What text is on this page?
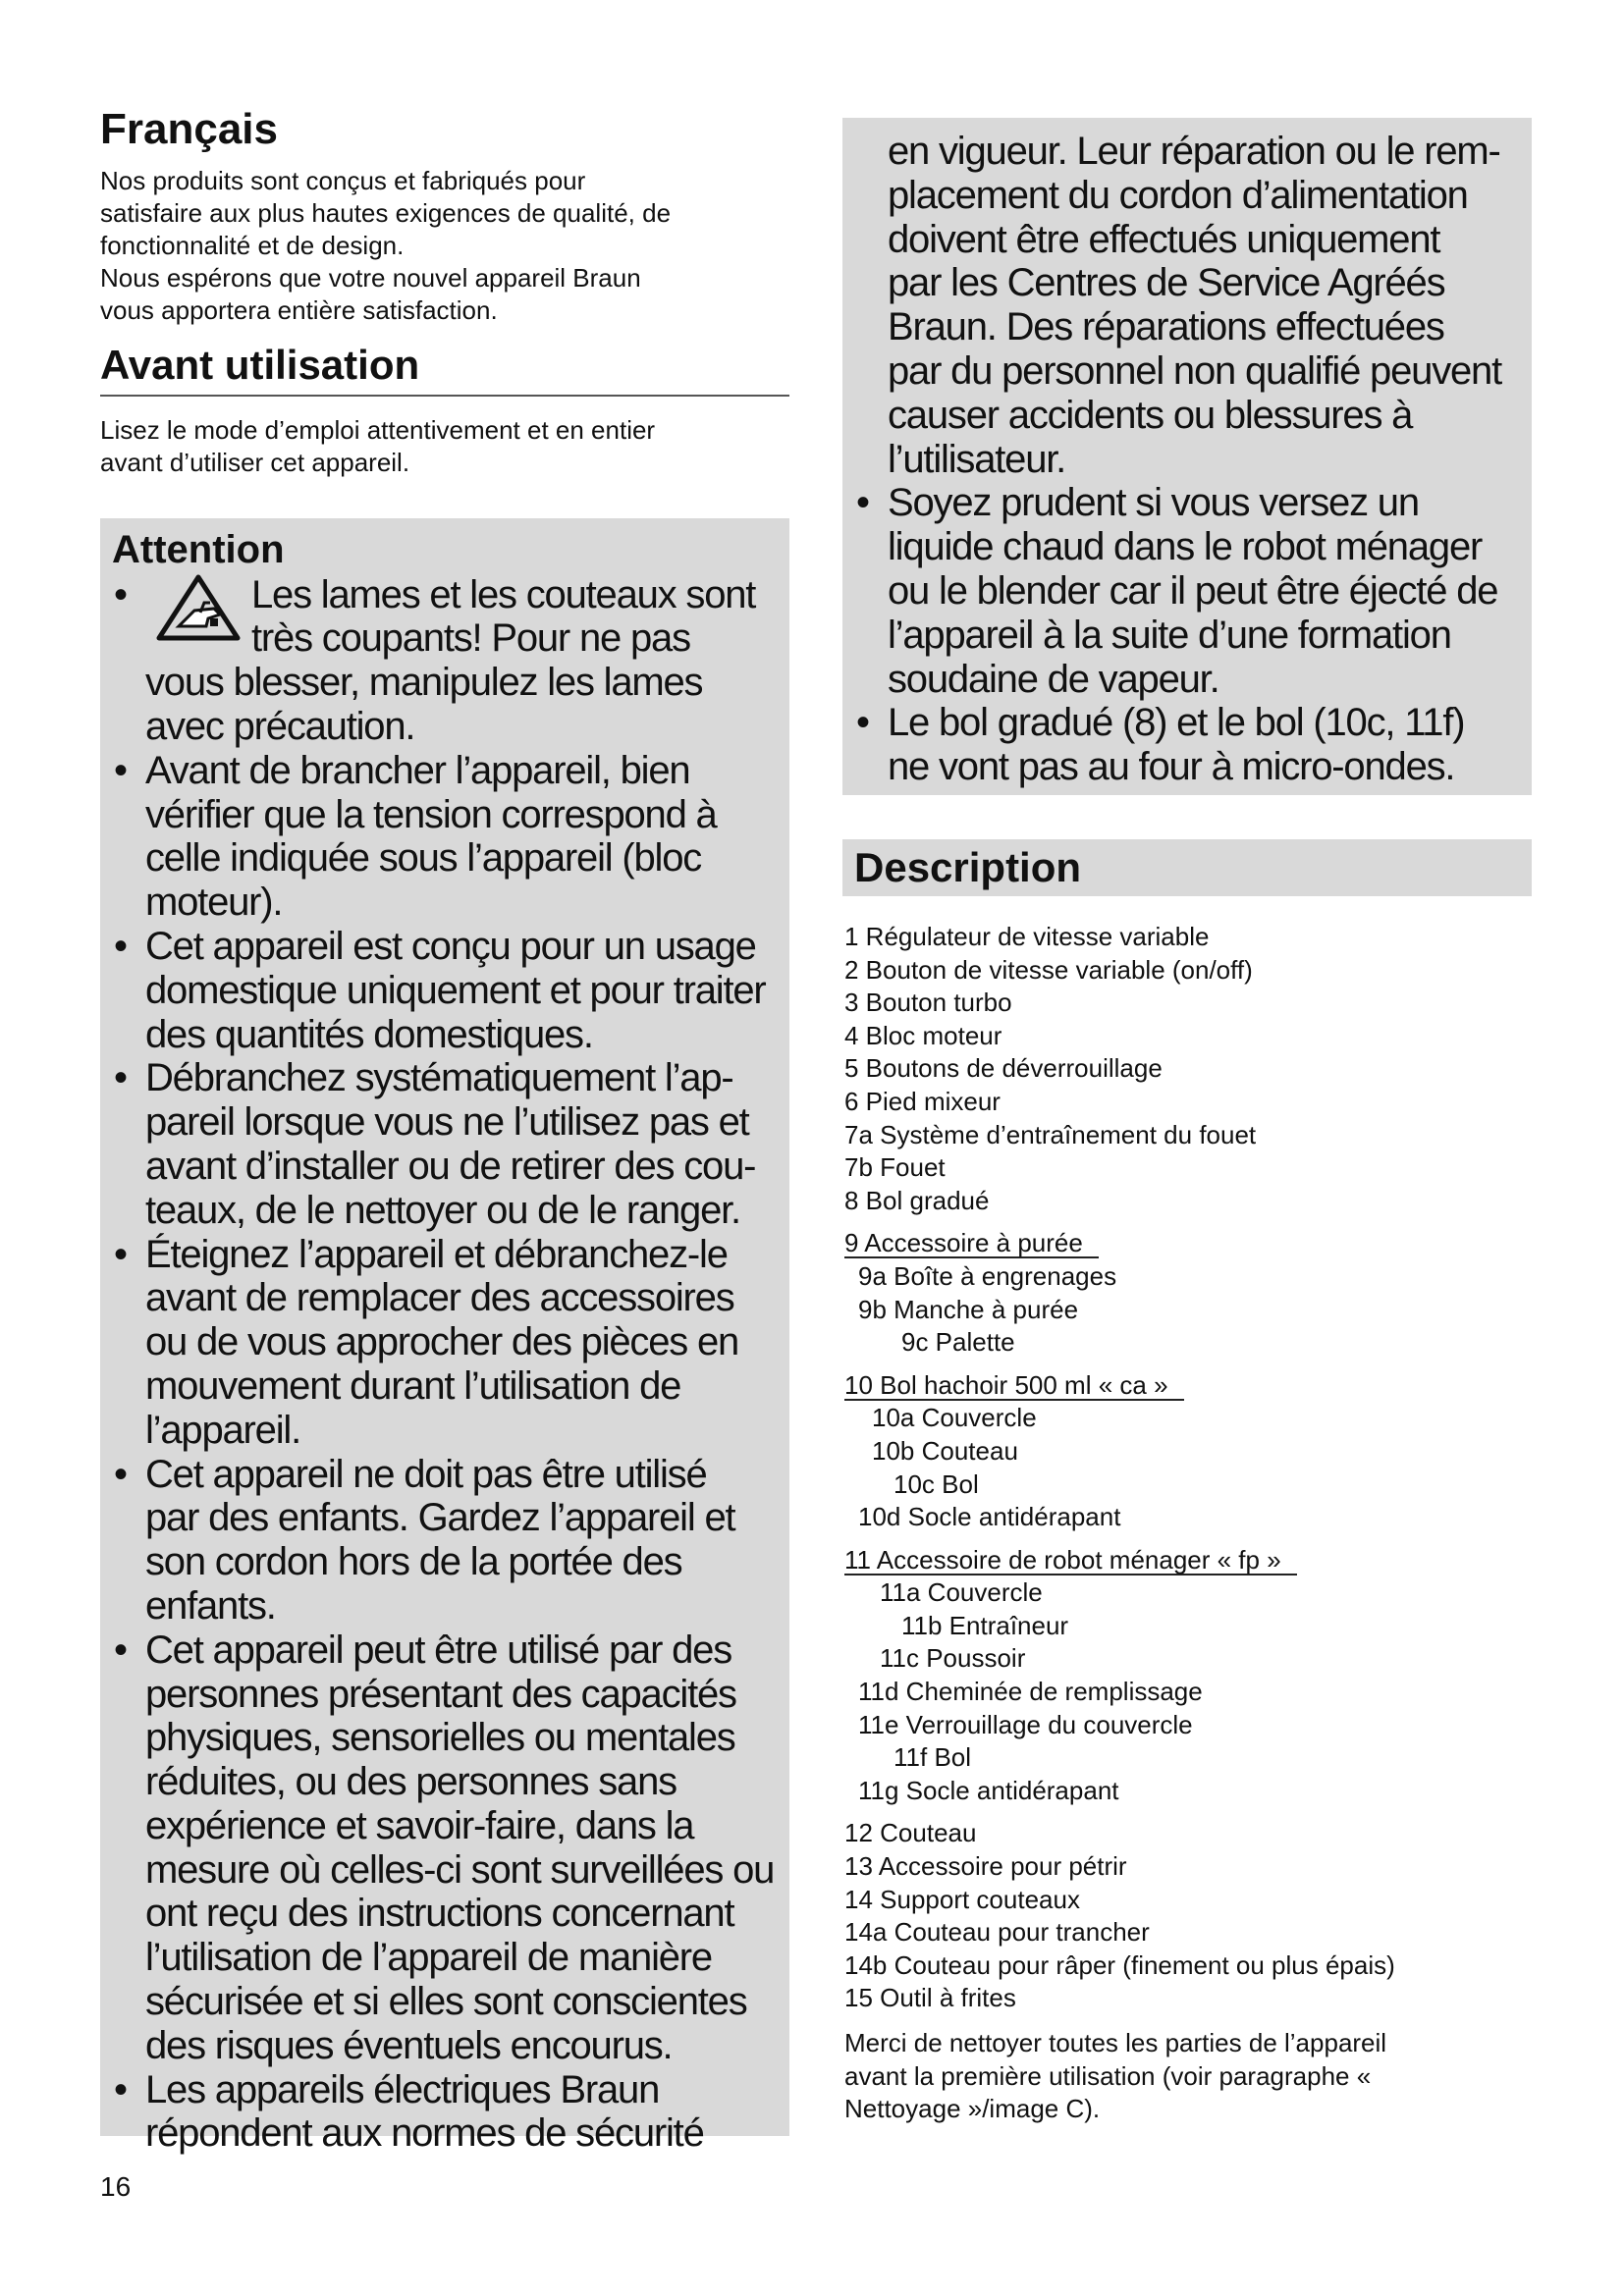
Français

Nos produits sont conçus et fabriqués pour

satisfaire aux plus hautes exigences de qualité, de

fonctionnalité et de design.

Nous espérons que votre nouvel appareil Braun

vous apportera entière satisfaction.

Avant utilisation

Lisez le mode d’emploi attentivement et en entier

avant d’utiliser cet appareil.

Attention
•	Les lames et les couteaux sont
très coupants! Pour ne pas
vous blesser, manipulez les lames
avec précaution.
• Avant de brancher l’appareil, bien
vérifier que la tension correspond à
celle indiquée sous l’appareil (bloc
moteur).
• Cet appareil est conçu pour un usage
domestique uniquement et pour traiter
des quantités domestiques.
• Débranchez systématiquement l’ap-
pareil lorsque vous ne l’utilisez pas et
avant d’installer ou de retirer des cou-
teaux, de le nettoyer ou de le ranger.
• Éteignez l’appareil et débranchez-le
avant de remplacer des accessoires
ou de vous approcher des pièces en
mouvement durant l’utilisation de
l’appareil.
• Cet appareil ne doit pas être utilisé
par des enfants. Gardez l’appareil et
son cordon hors de la portée des
enfants.
• Cet appareil peut être utilisé par des
personnes présentant des capacités
physiques, sensorielles ou mentales
réduites, ou des personnes sans
expérience et savoir-faire, dans la
mesure où celles-ci sont surveillées ou
ont reçu des instructions concernant
l’utilisation de l’appareil de manière
sécurisée et si elles sont conscientes
des risques éventuels encourus.
• Les appareils électriques Braun
répondent aux normes de sécurité
en vigueur. Leur réparation ou le rem-
placement du cordon d’alimentation
doivent être effectués uniquement
par les Centres de Service Agréés
Braun. Des réparations effectuées
par du personnel non qualifié peuvent
causer accidents ou blessures à
l’utilisateur.
• Soyez prudent si vous versez un
liquide chaud dans le robot ménager
ou le blender car il peut être éjecté de
l’appareil à la suite d’une formation
soudaine de vapeur.
• Le bol gradué (8) et le bol (10c, 11f)
ne vont pas au four à micro-ondes.
Description
1 Régulateur de vitesse variable
2 Bouton de vitesse variable (on/off)
3 Bouton turbo
4 Bloc moteur
5 Boutons de déverrouillage
6 Pied mixeur
7a Système d’entraînement du fouet
7b Fouet
8 Bol gradué
9 Accessoire à purée
9a Boîte à engrenages
9b Manche à purée
9c Palette
10 Bol hachoir 500 ml « ca »
10a Couvercle
10b Couteau
10c Bol
10d Socle antidérapant
11 Accessoire de robot ménager « fp »
11a Couvercle
11b Entraîneur
11c Poussoir
11d Cheminée de remplissage
11e Verrouillage du couvercle
11f Bol
11g Socle antidérapant
12 Couteau
13 Accessoire pour pétrir
14 Support couteaux
14a Couteau pour trancher
14b Couteau pour râper (finement ou plus épais)
15 Outil à frites
Merci de nettoyer toutes les parties de l’appareil
avant la première utilisation (voir paragraphe «
Nettoyage »/image C).
16
